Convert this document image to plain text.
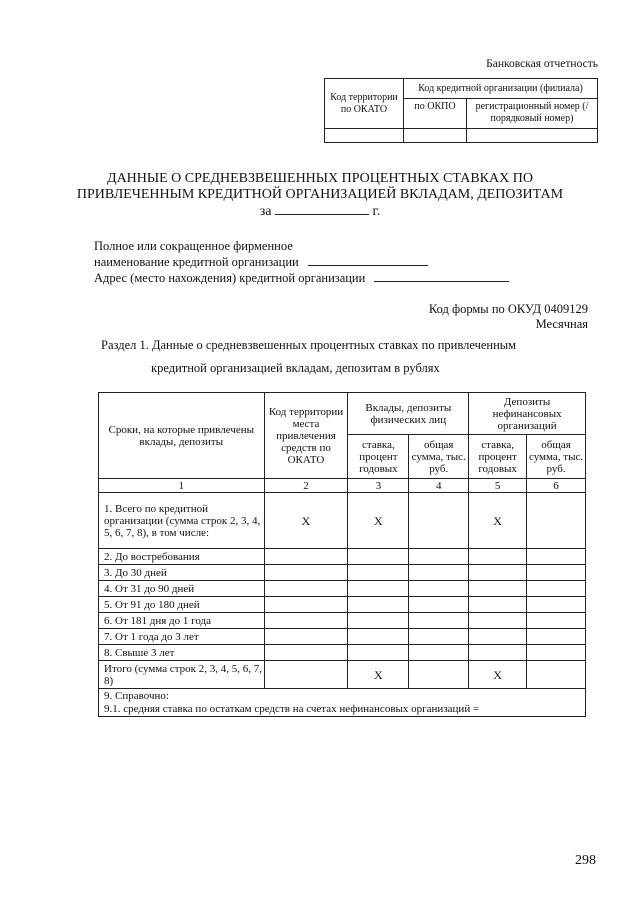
Банковская отчетность
Код территории по ОКАТО	Код кредитной организации (филиала)	
	по ОКПО	регистрационный номер (/порядковый номер)

ДАННЫЕ О СРЕДНЕВЗВЕШЕННЫХ ПРОЦЕНТНЫХ СТАВКАХ ПО
ПРИВЛЕЧЕННЫМ КРЕДИТНОЙ ОРГАНИЗАЦИЕЙ ВКЛАДАМ, ДЕПОЗИТАМ
за	г.
Полное или сокращенное фирменное
наименование кредитной организации
Адрес (место нахождения) кредитной организации
Код формы по ОКУД 0409129
Месячная
Раздел 1. Данные о средневзвешенных процентных ставках по привлеченным
кредитной организацией вкладам, депозитам в рублях
Сроки, на которые привлечены вклады, депозиты	Код территории места привлечения средств по ОКАТО	Вклады, депозиты физических лиц		Депозиты нефинансовых организаций	
		ставка, процент годовых	общая сумма, тыс. руб.	ставка, процент годовых	общая сумма, тыс. руб.
1	2	3	4	5	6
1. Всего по кредитной организации (сумма строк 2, 3, 4, 5, 6, 7, 8), в том числе:	X	X		X	
2. До востребования					
3. До 30 дней					
4. От 31 до 90 дней					
5. От 91 до 180 дней					
6. От 181 дня до 1 года					
7. От 1 года до 3 лет					
8. Свыше 3 лет					
Итого (сумма строк 2, 3, 4, 5, 6, 7, 8)		X		X	

9. Справочно:
9.1. средняя ставка по остаткам средств на счетах нефинансовых организаций =					
298
